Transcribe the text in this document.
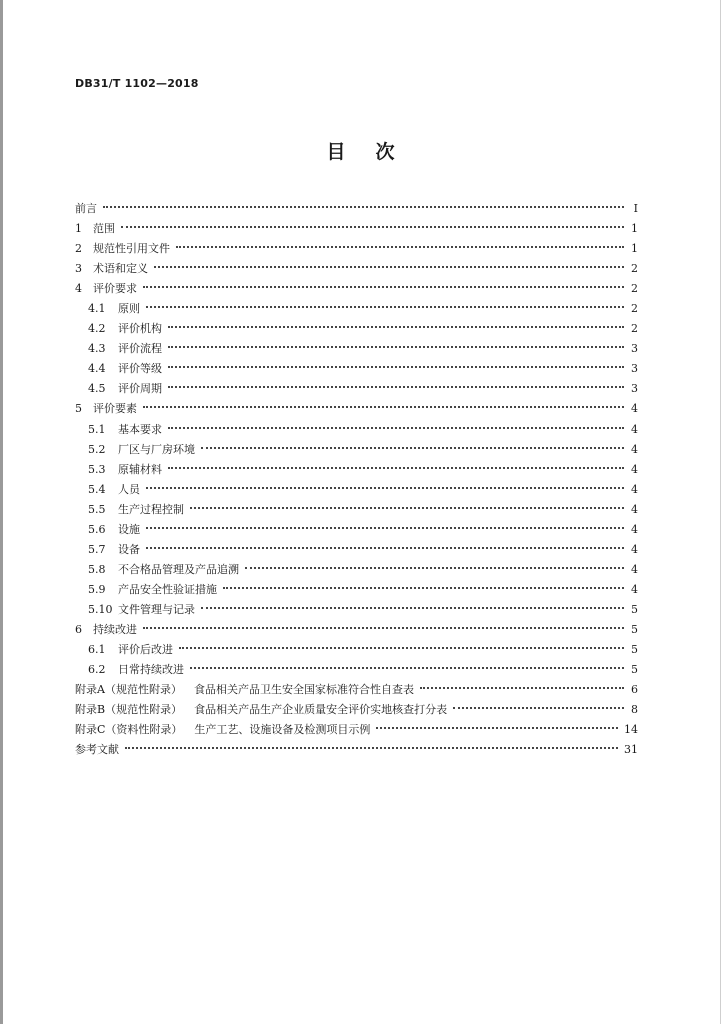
DB31/T 1102—2018
目 次
前言	Ⅰ
1	范围	1
2	规范性引用文件	1
3	术语和定义	2
4	评价要求	2
4.1	原则	2
4.2	评价机构	2
4.3	评价流程	3
4.4	评价等级	3
4.5	评价周期	3
5	评价要素	4
5.1	基本要求	4
5.2	厂区与厂房环境	4
5.3	原辅材料	4
5.4	人员	4
5.5	生产过程控制	4
5.6	设施	4
5.7	设备	4
5.8	不合格品管理及产品追溯	4
5.9	产品安全性验证措施	4
5.10 文件管理与记录	5
6	持续改进	5
6.1	评价后改进	5
6.2	日常持续改进	5
附录A（规范性附录） 食品相关产品卫生安全国家标准符合性自查表	6
附录B（规范性附录） 食品相关产品生产企业质量安全评价实地核查打分表	8
附录C（资料性附录） 生产工艺、设施设备及检测项目示例	14
参考文献	31
